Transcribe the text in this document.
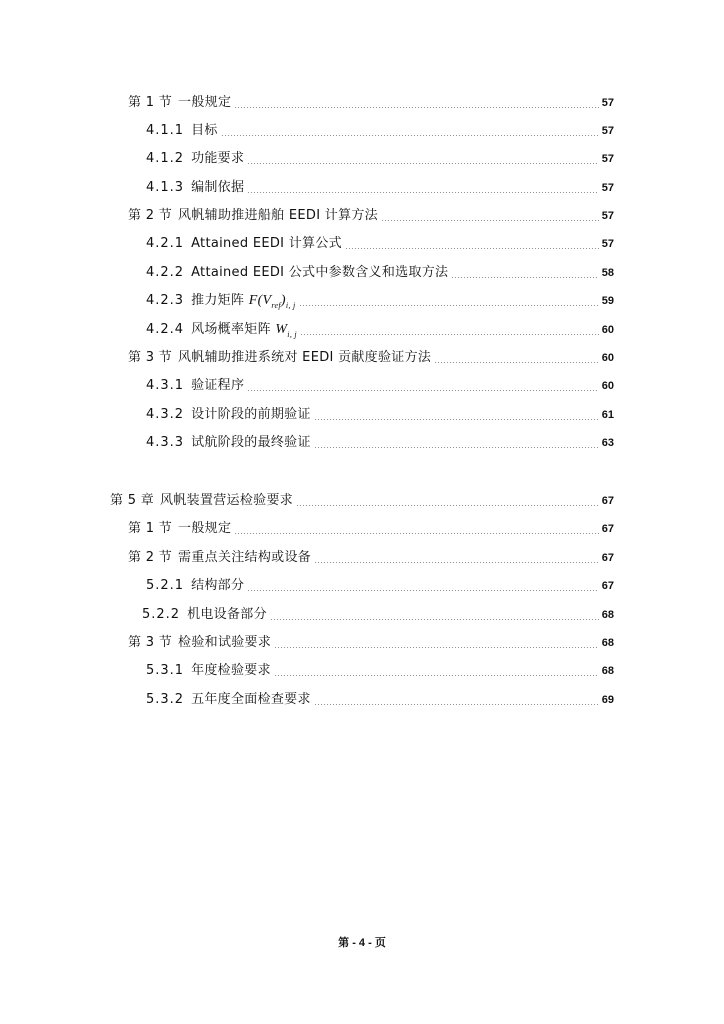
第 1 节 一般规定	57
4.1.1 目标	57
4.1.2 功能要求	57
4.1.3 编制依据	57
第 2 节 风帆辅助推进船舶 EEDI 计算方法	57
4.2.1 Attained EEDI 计算公式	57
4.2.2 Attained EEDI 公式中参数含义和选取方法	58
4.2.3 推力矩阵 $F(V_{ref})_{i, j}$	59
4.2.4 风场概率矩阵 $W_{i, j}$	60
第 3 节 风帆辅助推进系统对 EEDI 贡献度验证方法	60
4.3.1 验证程序	60
4.3.2 设计阶段的前期验证	61
4.3.3 试航阶段的最终验证	63
第 5 章 风帆装置营运检验要求	67
第 1 节 一般规定	67
第 2 节 需重点关注结构或设备	67
5.2.1 结构部分	67
5.2.2 机电设备部分	68
第 3 节 检验和试验要求	68
5.3.1 年度检验要求	68
5.3.2 五年度全面检查要求	69
第 - 4 - 页
